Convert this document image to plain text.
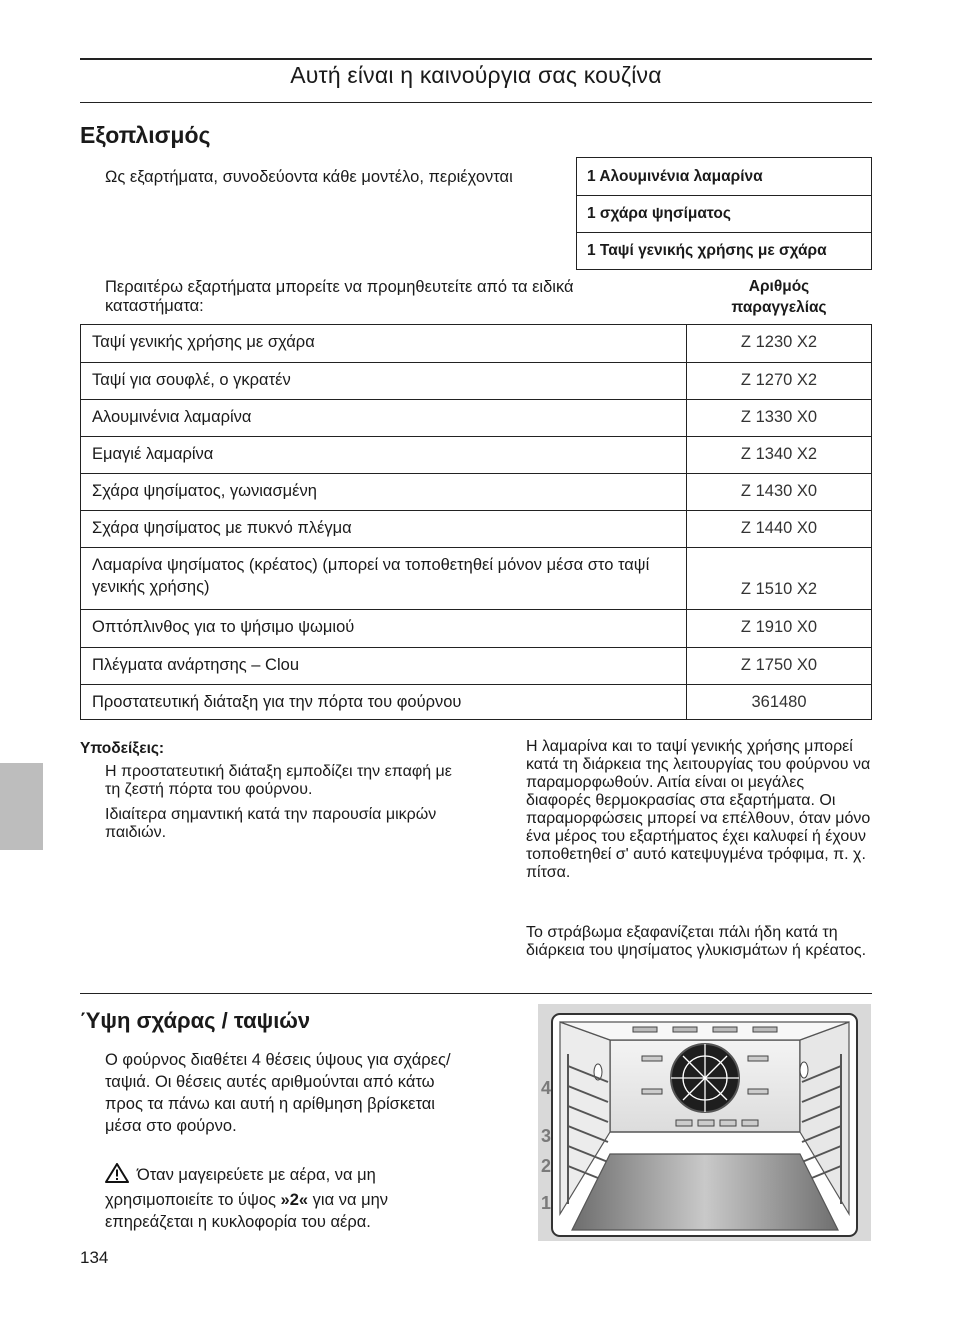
Αυτή είναι η καινούργια σας κουζίνα
Εξοπλισμός
Ως εξαρτήματα, συνοδεύοντα κάθε μοντέλο, περιέχονται	1 Αλουμινένια λαμαρίνα
1 σχάρα ψησίματος
1 Ταψί γενικής χρήσης με σχάρα
Περαιτέρω εξαρτήματα μπορείτε να προμηθευτείτε από τα ειδικά
καταστήματα:
Αριθμός
παραγγελίας
Ταψί γενικής χρήσης με σχάρα	Z 1230 X2
Ταψί για σουφλέ, ο γκρατέν	Z 1270 X2
Αλουμινένια λαμαρίνα	Z 1330 X0
Εμαγιέ λαμαρίνα	Z 1340 X2
Σχάρα ψησίματος, γωνιασμένη	Z 1430 X0
Σχάρα ψησίματος με πυκνό πλέγμα	Z 1440 X0
Λαμαρίνα ψησίματος (κρέατος) (μπορεί να τοποθετηθεί μόνον μέσα στο ταψί γενικής χρήσης)	Z 1510 X2
Οπτόπλινθος για το ψήσιμο ψωμιού	Z 1910 X0
Πλέγματα ανάρτησης – Clou	Z 1750 X0
Προστατευτική διάταξη για την πόρτα του φούρνου	361480
Υποδείξεις:
Η προστατευτική διάταξη εμποδίζει την επαφή με τη ζεστή πόρτα του φούρνου.
Ιδιαίτερα σημαντική κατά την παρουσία μικρών παιδιών.
Η λαμαρίνα και το ταψί γενικής χρήσης μπορεί κατά τη διάρκεια της λειτουργίας του φούρνου να παραμορφωθούν. Αιτία είναι οι μεγάλες διαφορές θερμοκρασίας στα εξαρτήματα. Οι παραμορφώσεις μπορεί να επέλθουν, όταν μόνο ένα μέρος του εξαρτήματος έχει καλυφεί ή έχουν τοποθετηθεί σ' αυτό κατεψυγμένα τρόφιμα, π. χ. πίτσα.
Το στράβωμα εξαφανίζεται πάλι ήδη κατά τη διάρκεια του ψησίματος γλυκισμάτων ή κρέατος.
Ύψη σχάρας / ταψιών
Ο φούρνος διαθέτει 4 θέσεις ύψους για σχάρες/ταψιά. Οι θέσεις αυτές αριθμούνται από κάτω προς τα πάνω και αυτή η αρίθμηση βρίσκεται μέσα στο φούρνο.
Όταν μαγειρεύετε με αέρα, να μη χρησιμοποιείτε το ύψος »2« για να μην επηρεάζεται η κυκλοφορία του αέρα.
4
3
2
1
134
